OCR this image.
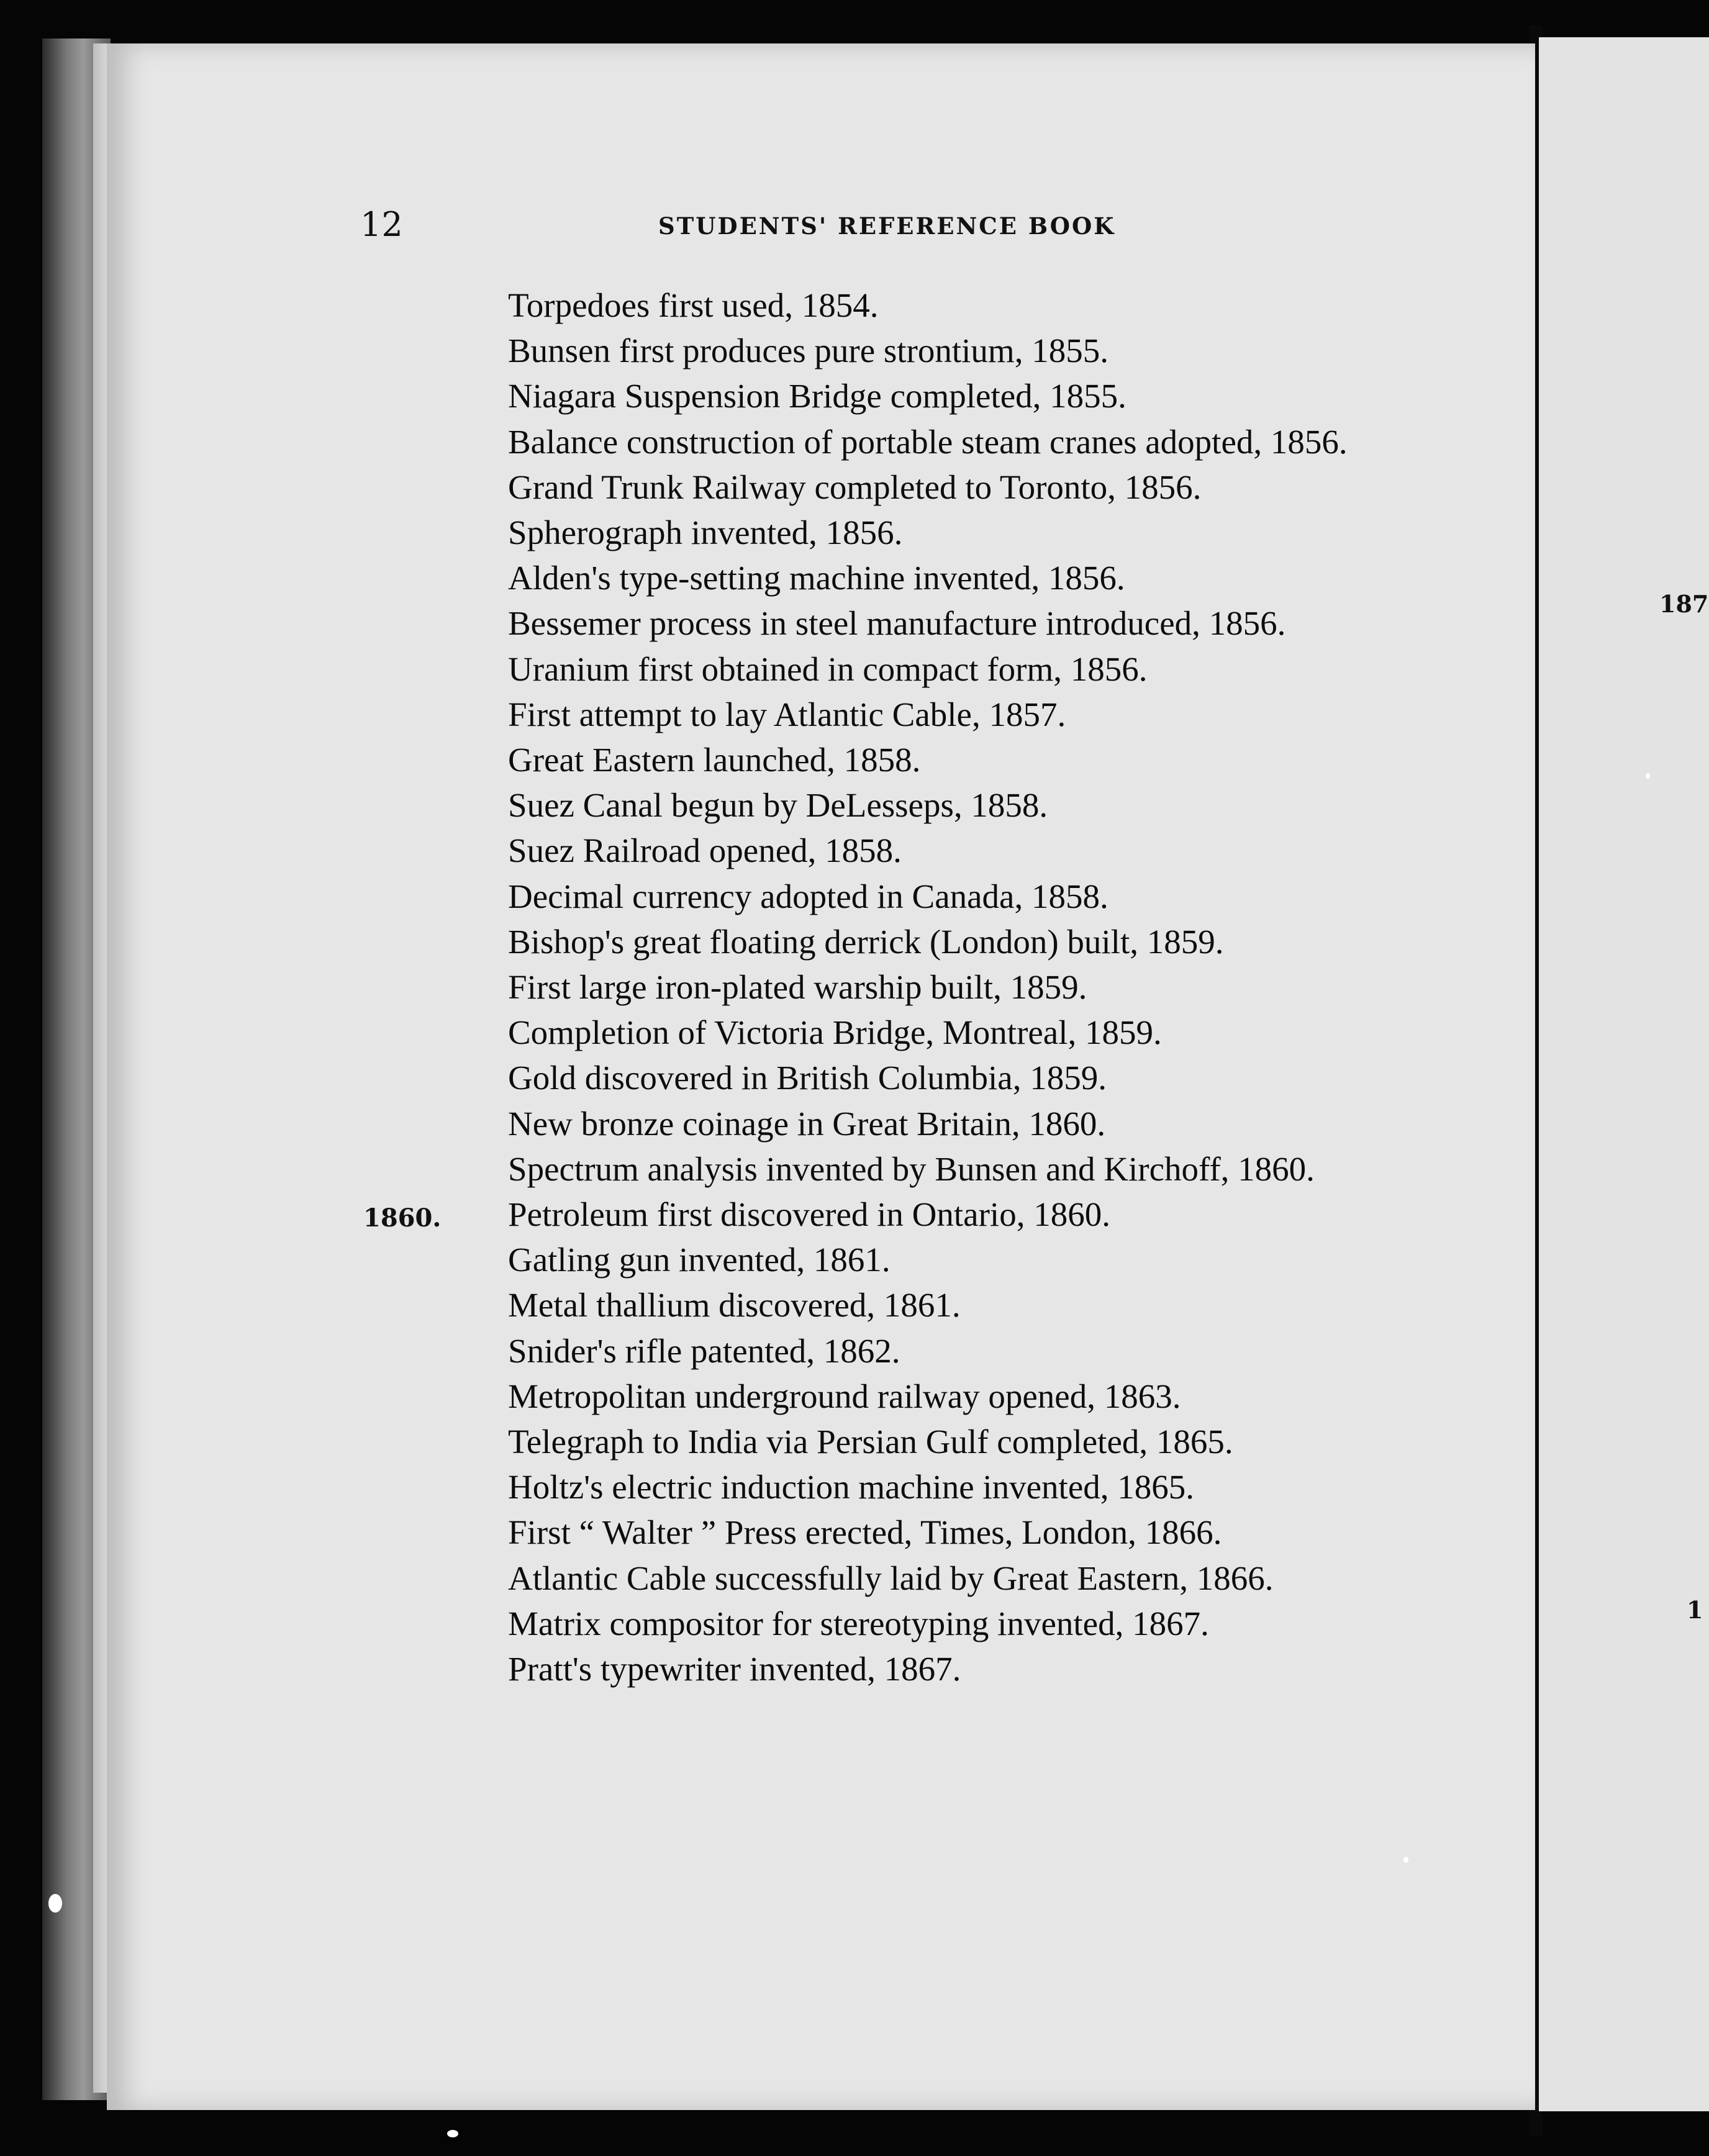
187
1
12	STUDENTS' REFERENCE BOOK
1860.
Torpedoes first used, 1854.
Bunsen first produces pure strontium, 1855.
Niagara Suspension Bridge completed, 1855.
Balance construction of portable steam cranes adopted, 1856.
Grand Trunk Railway completed to Toronto, 1856.
Spherograph invented, 1856.
Alden's type-setting machine invented, 1856.
Bessemer process in steel manufacture introduced, 1856.
Uranium first obtained in compact form, 1856.
First attempt to lay Atlantic Cable, 1857.
Great Eastern launched, 1858.
Suez Canal begun by DeLesseps, 1858.
Suez Railroad opened, 1858.
Decimal currency adopted in Canada, 1858.
Bishop's great floating derrick (London) built, 1859.
First large iron-plated warship built, 1859.
Completion of Victoria Bridge, Montreal, 1859.
Gold discovered in British Columbia, 1859.
New bronze coinage in Great Britain, 1860.
Spectrum analysis invented by Bunsen and Kirchoff, 1860.
Petroleum first discovered in Ontario, 1860.
Gatling gun invented, 1861.
Metal thallium discovered, 1861.
Snider's rifle patented, 1862.
Metropolitan underground railway opened, 1863.
Telegraph to India via Persian Gulf completed, 1865.
Holtz's electric induction machine invented, 1865.
First “ Walter ” Press erected, Times, London, 1866.
Atlantic Cable successfully laid by Great Eastern, 1866.
Matrix compositor for stereotyping invented, 1867.
Pratt's typewriter invented, 1867.
